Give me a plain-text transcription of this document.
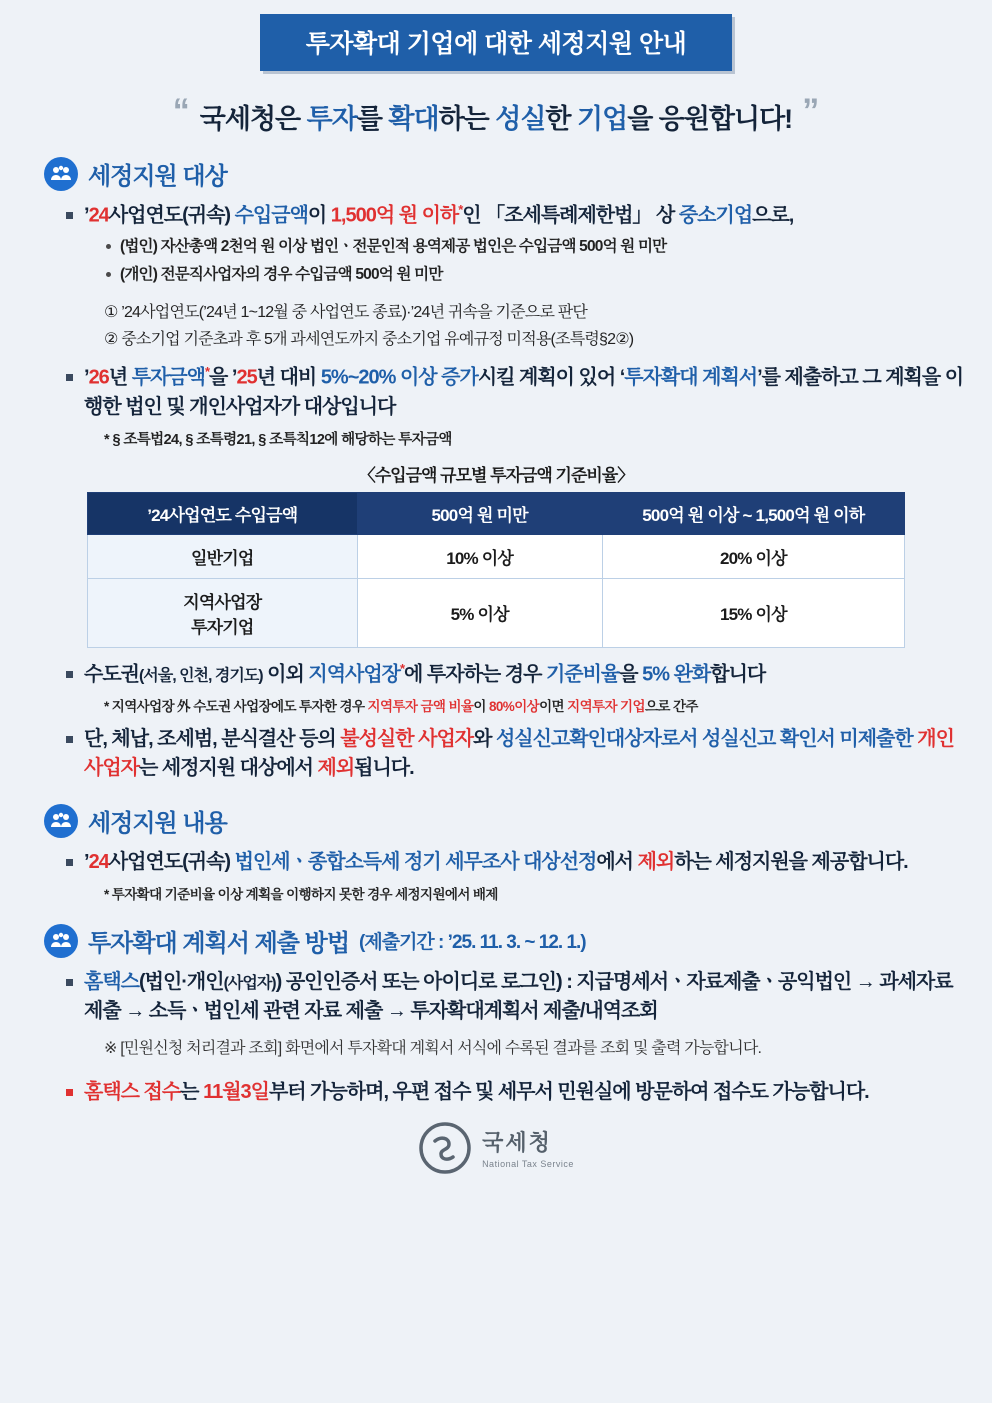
투자확대 기업에 대한 세정지원 안내
“ 국세청은 투자를 확대하는 성실한 기업을 응원합니다! ”
세정지원 대상
’24사업연도(귀속) 수입금액이 1,500억 원 이하*인 「조세특례제한법」 상 중소기업으로,
(법인) 자산총액 2천억 원 이상 법인ㆍ전문인적 용역제공 법인은 수입금액 500억 원 미만
(개인) 전문직사업자의 경우 수입금액 500억 원 미만
① ’24사업연도(’24년 1~12월 중 사업연도 종료)·’24년 귀속을 기준으로 판단
② 중소기업 기준초과 후 5개 과세연도까지 중소기업 유예규정 미적용(조특령§2②)
’26년 투자금액*을 ’25년 대비 5%~20% 이상 증가시킬 계획이 있어 ‘투자확대 계획서’를 제출하고 그 계획을 이행한 법인 및 개인사업자가 대상입니다
* § 조특법24, § 조특령21, § 조특칙12에 해당하는 투자금액
〈수입금액 규모별 투자금액 기준비율〉
’24사업연도 수입금액	500억 원 미만	500억 원 이상 ~ 1,500억 원 이하
일반기업	10% 이상	20% 이상

지역사업장
투자기업	5% 이상	15% 이상
수도권(서울, 인천, 경기도) 이외 지역사업장*에 투자하는 경우 기준비율을 5% 완화합니다
* 지역사업장 外 수도권 사업장에도 투자한 경우 지역투자 금액 비율이 80%이상이면 지역투자 기업으로 간주
단, 체납, 조세범, 분식결산 등의 불성실한 사업자와 성실신고확인대상자로서 성실신고 확인서 미제출한 개인사업자는 세정지원 대상에서 제외됩니다.
세정지원 내용
’24사업연도(귀속) 법인세ㆍ종합소득세 정기 세무조사 대상선정에서 제외하는 세정지원을 제공합니다.
* 투자확대 기준비율 이상 계획을 이행하지 못한 경우 세정지원에서 배제
투자확대 계획서 제출 방법 (제출기간 : ’25. 11. 3. ~ 12. 1.)
홈택스(법인·개인(사업자)) 공인인증서 또는 아이디로 로그인) : 지급명세서ㆍ자료제출ㆍ공익법인 → 과세자료 제출 → 소득ㆍ법인세 관련 자료 제출 → 투자확대계획서 제출/내역조회
※ [민원신청 처리결과 조회] 화면에서 투자확대 계획서 서식에 수록된 결과를 조회 및 출력 가능합니다.
홈택스 접수는 11월3일부터 가능하며, 우편 접수 및 세무서 민원실에 방문하여 접수도 가능합니다.
국세청
National Tax Service
